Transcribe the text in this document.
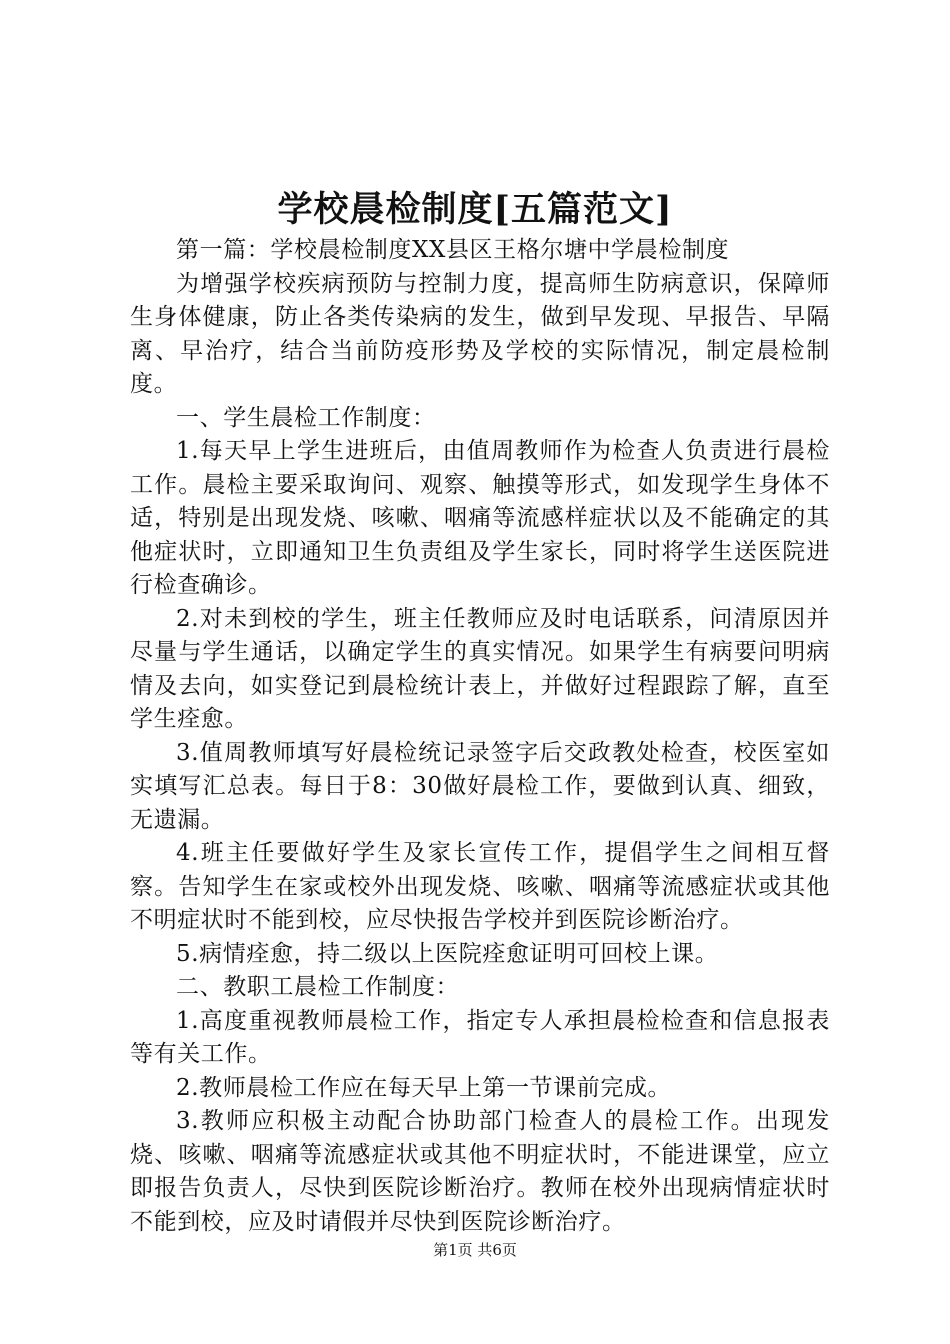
学校晨检制度[五篇范文]

第一篇：学校晨检制度XX县区王格尔塘中学晨检制度

为增强学校疾病预防与控制力度，提高师生防病意识，保障师生身体健康，防止各类传染病的发生，做到早发现、早报告、早隔离、早治疗，结合当前防疫形势及学校的实际情况，制定晨检制度。

一、学生晨检工作制度：

1.每天早上学生进班后，由值周教师作为检查人负责进行晨检工作。晨检主要采取询问、观察、触摸等形式，如发现学生身体不适，特别是出现发烧、咳嗽、咽痛等流感样症状以及不能确定的其他症状时，立即通知卫生负责组及学生家长，同时将学生送医院进行检查确诊。

2.对未到校的学生，班主任教师应及时电话联系，问清原因并尽量与学生通话，以确定学生的真实情况。如果学生有病要问明病情及去向，如实登记到晨检统计表上，并做好过程跟踪了解，直至学生痊愈。

3.值周教师填写好晨检统记录签字后交政教处检查，校医室如实填写汇总表。每日于8：30做好晨检工作，要做到认真、细致，无遗漏。

4.班主任要做好学生及家长宣传工作，提倡学生之间相互督察。告知学生在家或校外出现发烧、咳嗽、咽痛等流感症状或其他不明症状时不能到校，应尽快报告学校并到医院诊断治疗。

5.病情痊愈，持二级以上医院痊愈证明可回校上课。

二、教职工晨检工作制度：

1.高度重视教师晨检工作，指定专人承担晨检检查和信息报表等有关工作。

2.教师晨检工作应在每天早上第一节课前完成。

3.教师应积极主动配合协助部门检查人的晨检工作。出现发烧、咳嗽、咽痛等流感症状或其他不明症状时，不能进课堂，应立即报告负责人，尽快到医院诊断治疗。教师在校外出现病情症状时不能到校，应及时请假并尽快到医院诊断治疗。

第1页 共6页
